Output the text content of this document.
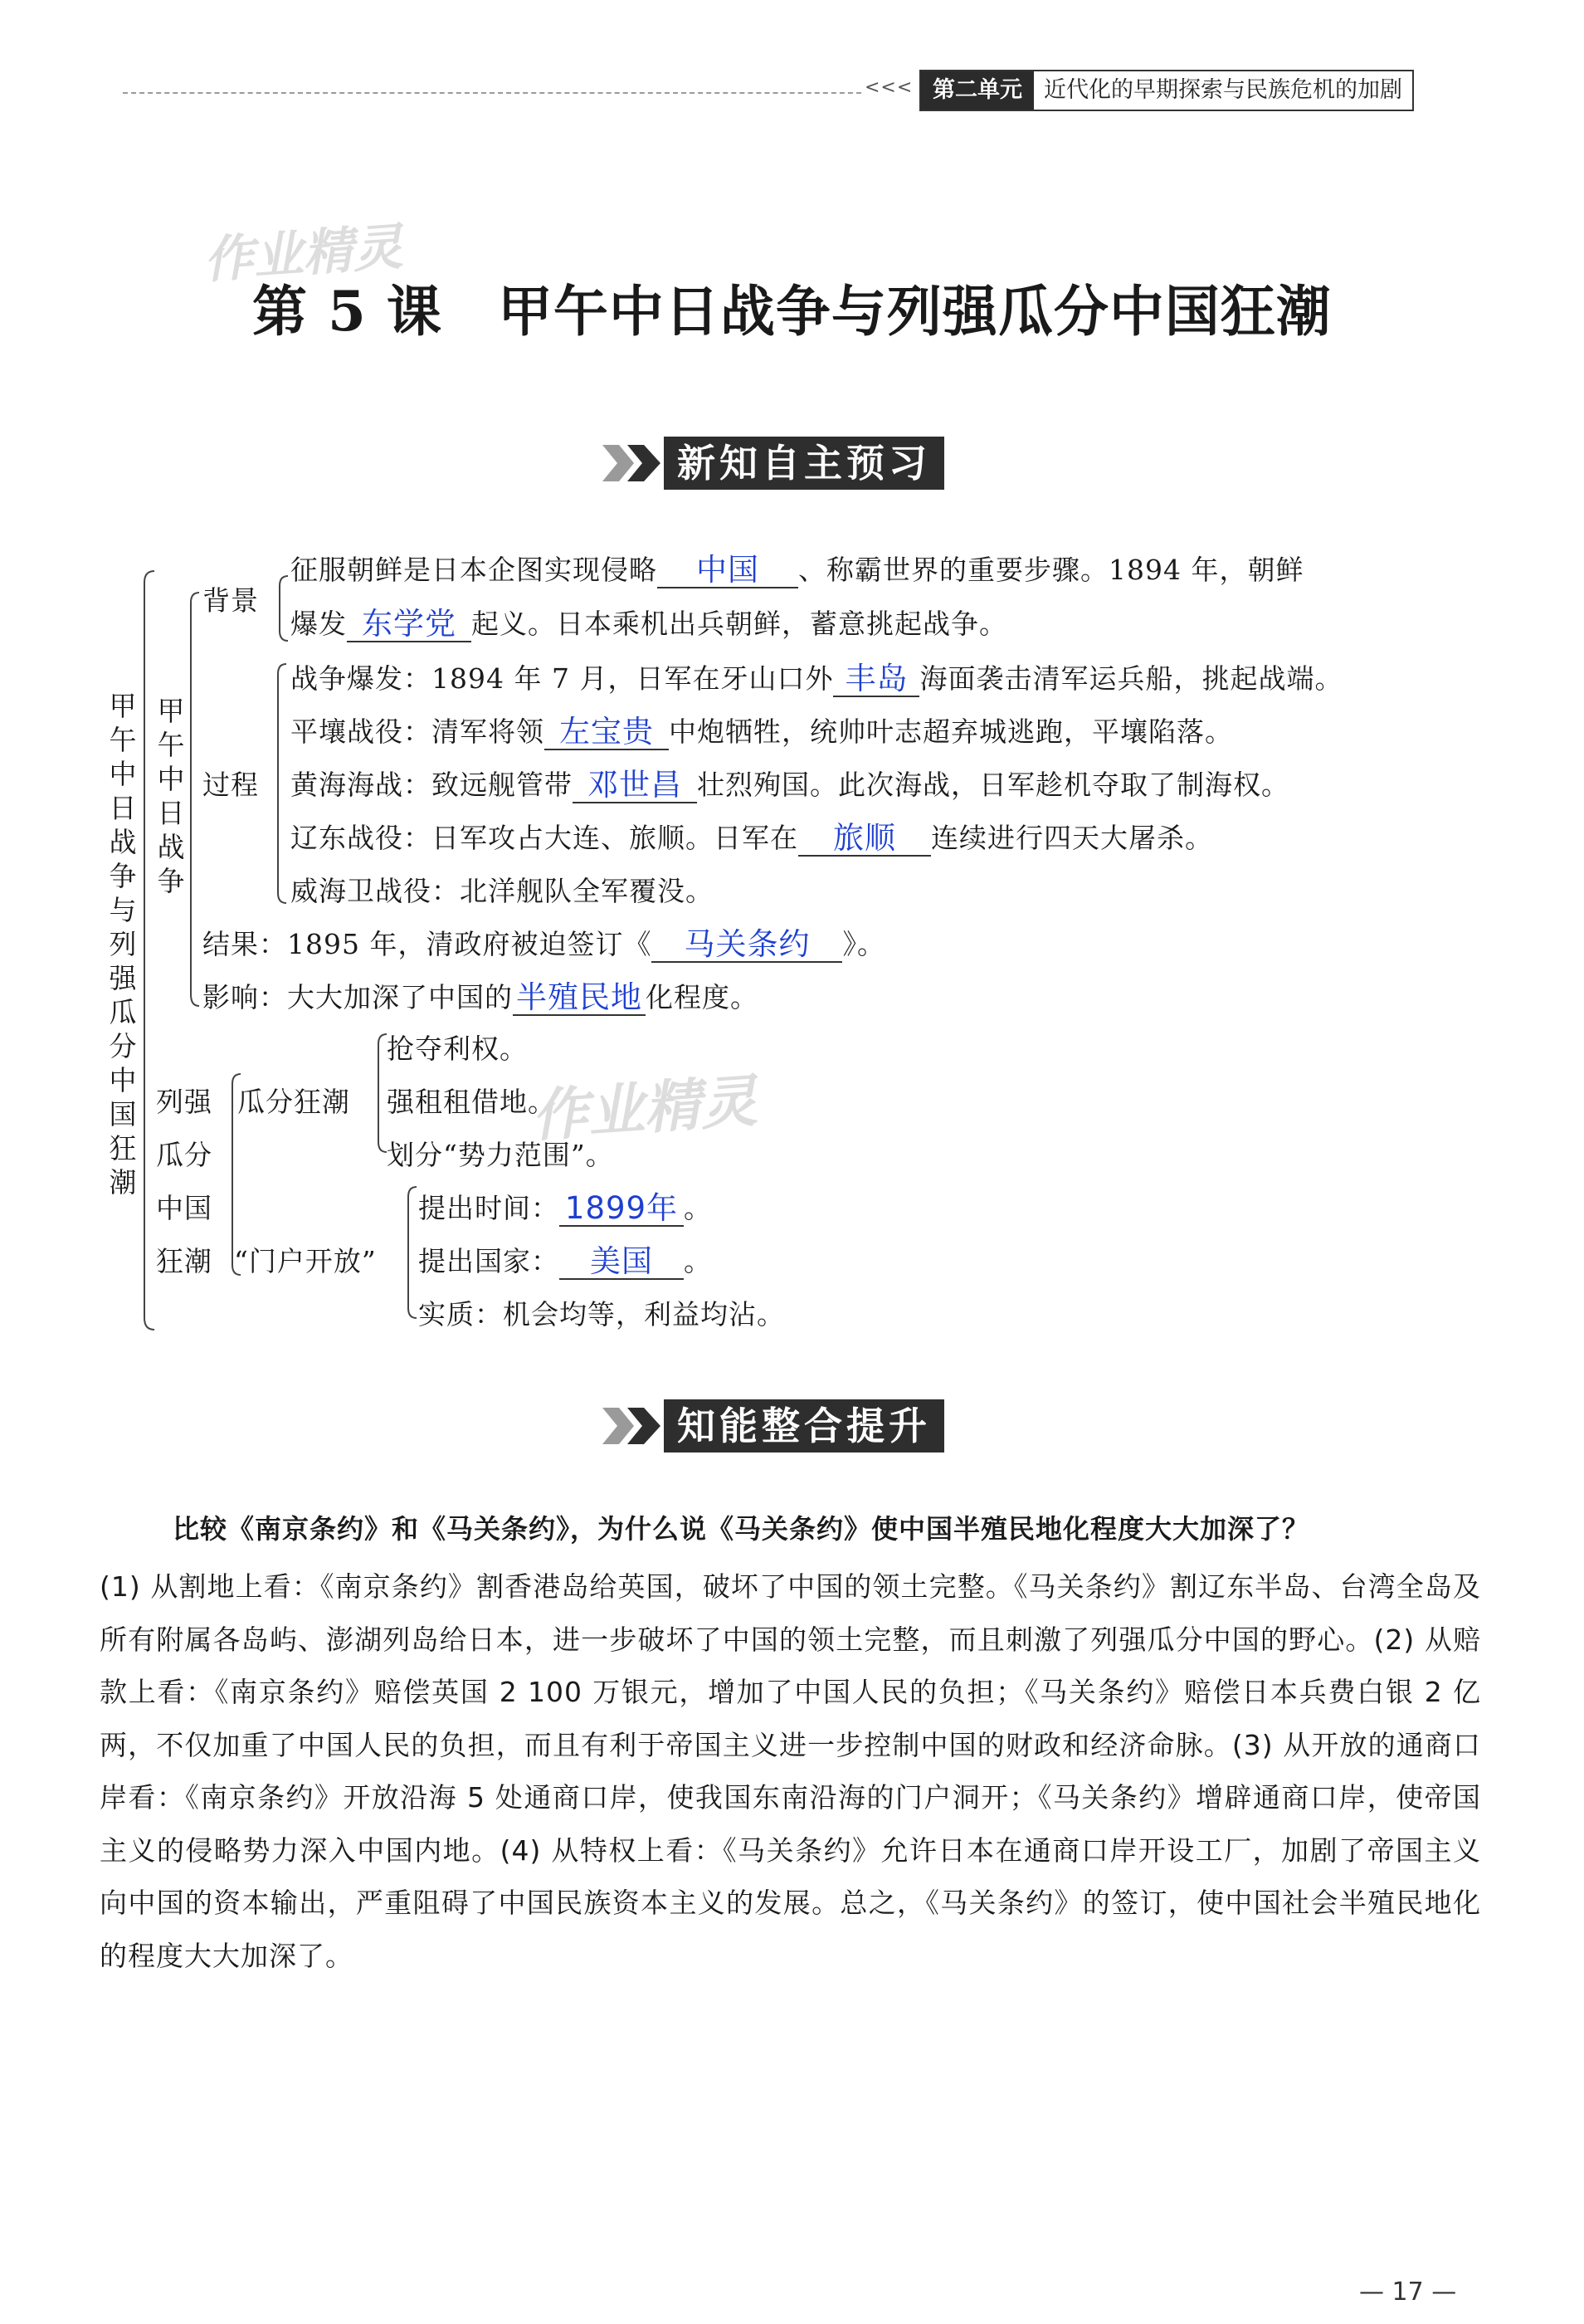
<<< 第二单元 近代化的早期探索与民族危机的加剧
作业精灵
作业精灵
第 5 课　甲午中日战争与列强瓜分中国狂潮
新知自主预习
甲午中日战争与列强瓜分中国狂潮
甲午中日战争
背景
征服朝鲜是日本企图实现侵略 中国 、称霸世界的重要步骤。1894 年，朝鲜
爆发 东学党 起义。日本乘机出兵朝鲜，蓄意挑起战争。
过程
战争爆发：1894 年 7 月，日军在牙山口外 丰岛 海面袭击清军运兵船，挑起战端。
平壤战役：清军将领 左宝贵 中炮牺牲，统帅叶志超弃城逃跑，平壤陷落。
黄海海战：致远舰管带 邓世昌 壮烈殉国。此次海战，日军趁机夺取了制海权。
辽东战役：日军攻占大连、旅顺。日军在 旅顺 连续进行四天大屠杀。
威海卫战役：北洋舰队全军覆没。
结果：1895 年，清政府被迫签订《 马关条约 》。
影响：大大加深了中国的 半殖民地 化程度。
列强
瓜分
中国
狂潮
瓜分狂潮
抢夺利权。
强租租借地。
划分“势力范围”。
“门户开放”
提出时间： 1899年 。
提出国家： 美国 。
实质：机会均等，利益均沾。
知能整合提升
比较《南京条约》和《马关条约》，为什么说《马关条约》使中国半殖民地化程度大大加深了？
(1) 从割地上看：《南京条约》割香港岛给英国，破坏了中国的领土完整。《马关条约》割辽东半岛、台湾全岛及所有附属各岛屿、澎湖列岛给日本，进一步破坏了中国的领土完整，而且刺激了列强瓜分中国的野心。(2) 从赔款上看：《南京条约》赔偿英国 2 100 万银元，增加了中国人民的负担；《马关条约》赔偿日本兵费白银 2 亿两，不仅加重了中国人民的负担，而且有利于帝国主义进一步控制中国的财政和经济命脉。(3) 从开放的通商口岸看：《南京条约》开放沿海 5 处通商口岸，使我国东南沿海的门户洞开；《马关条约》增辟通商口岸，使帝国主义的侵略势力深入中国内地。(4) 从特权上看：《马关条约》允许日本在通商口岸开设工厂，加剧了帝国主义向中国的资本输出，严重阻碍了中国民族资本主义的发展。总之，《马关条约》的签订，使中国社会半殖民地化的程度大大加深了。
— 17 —
